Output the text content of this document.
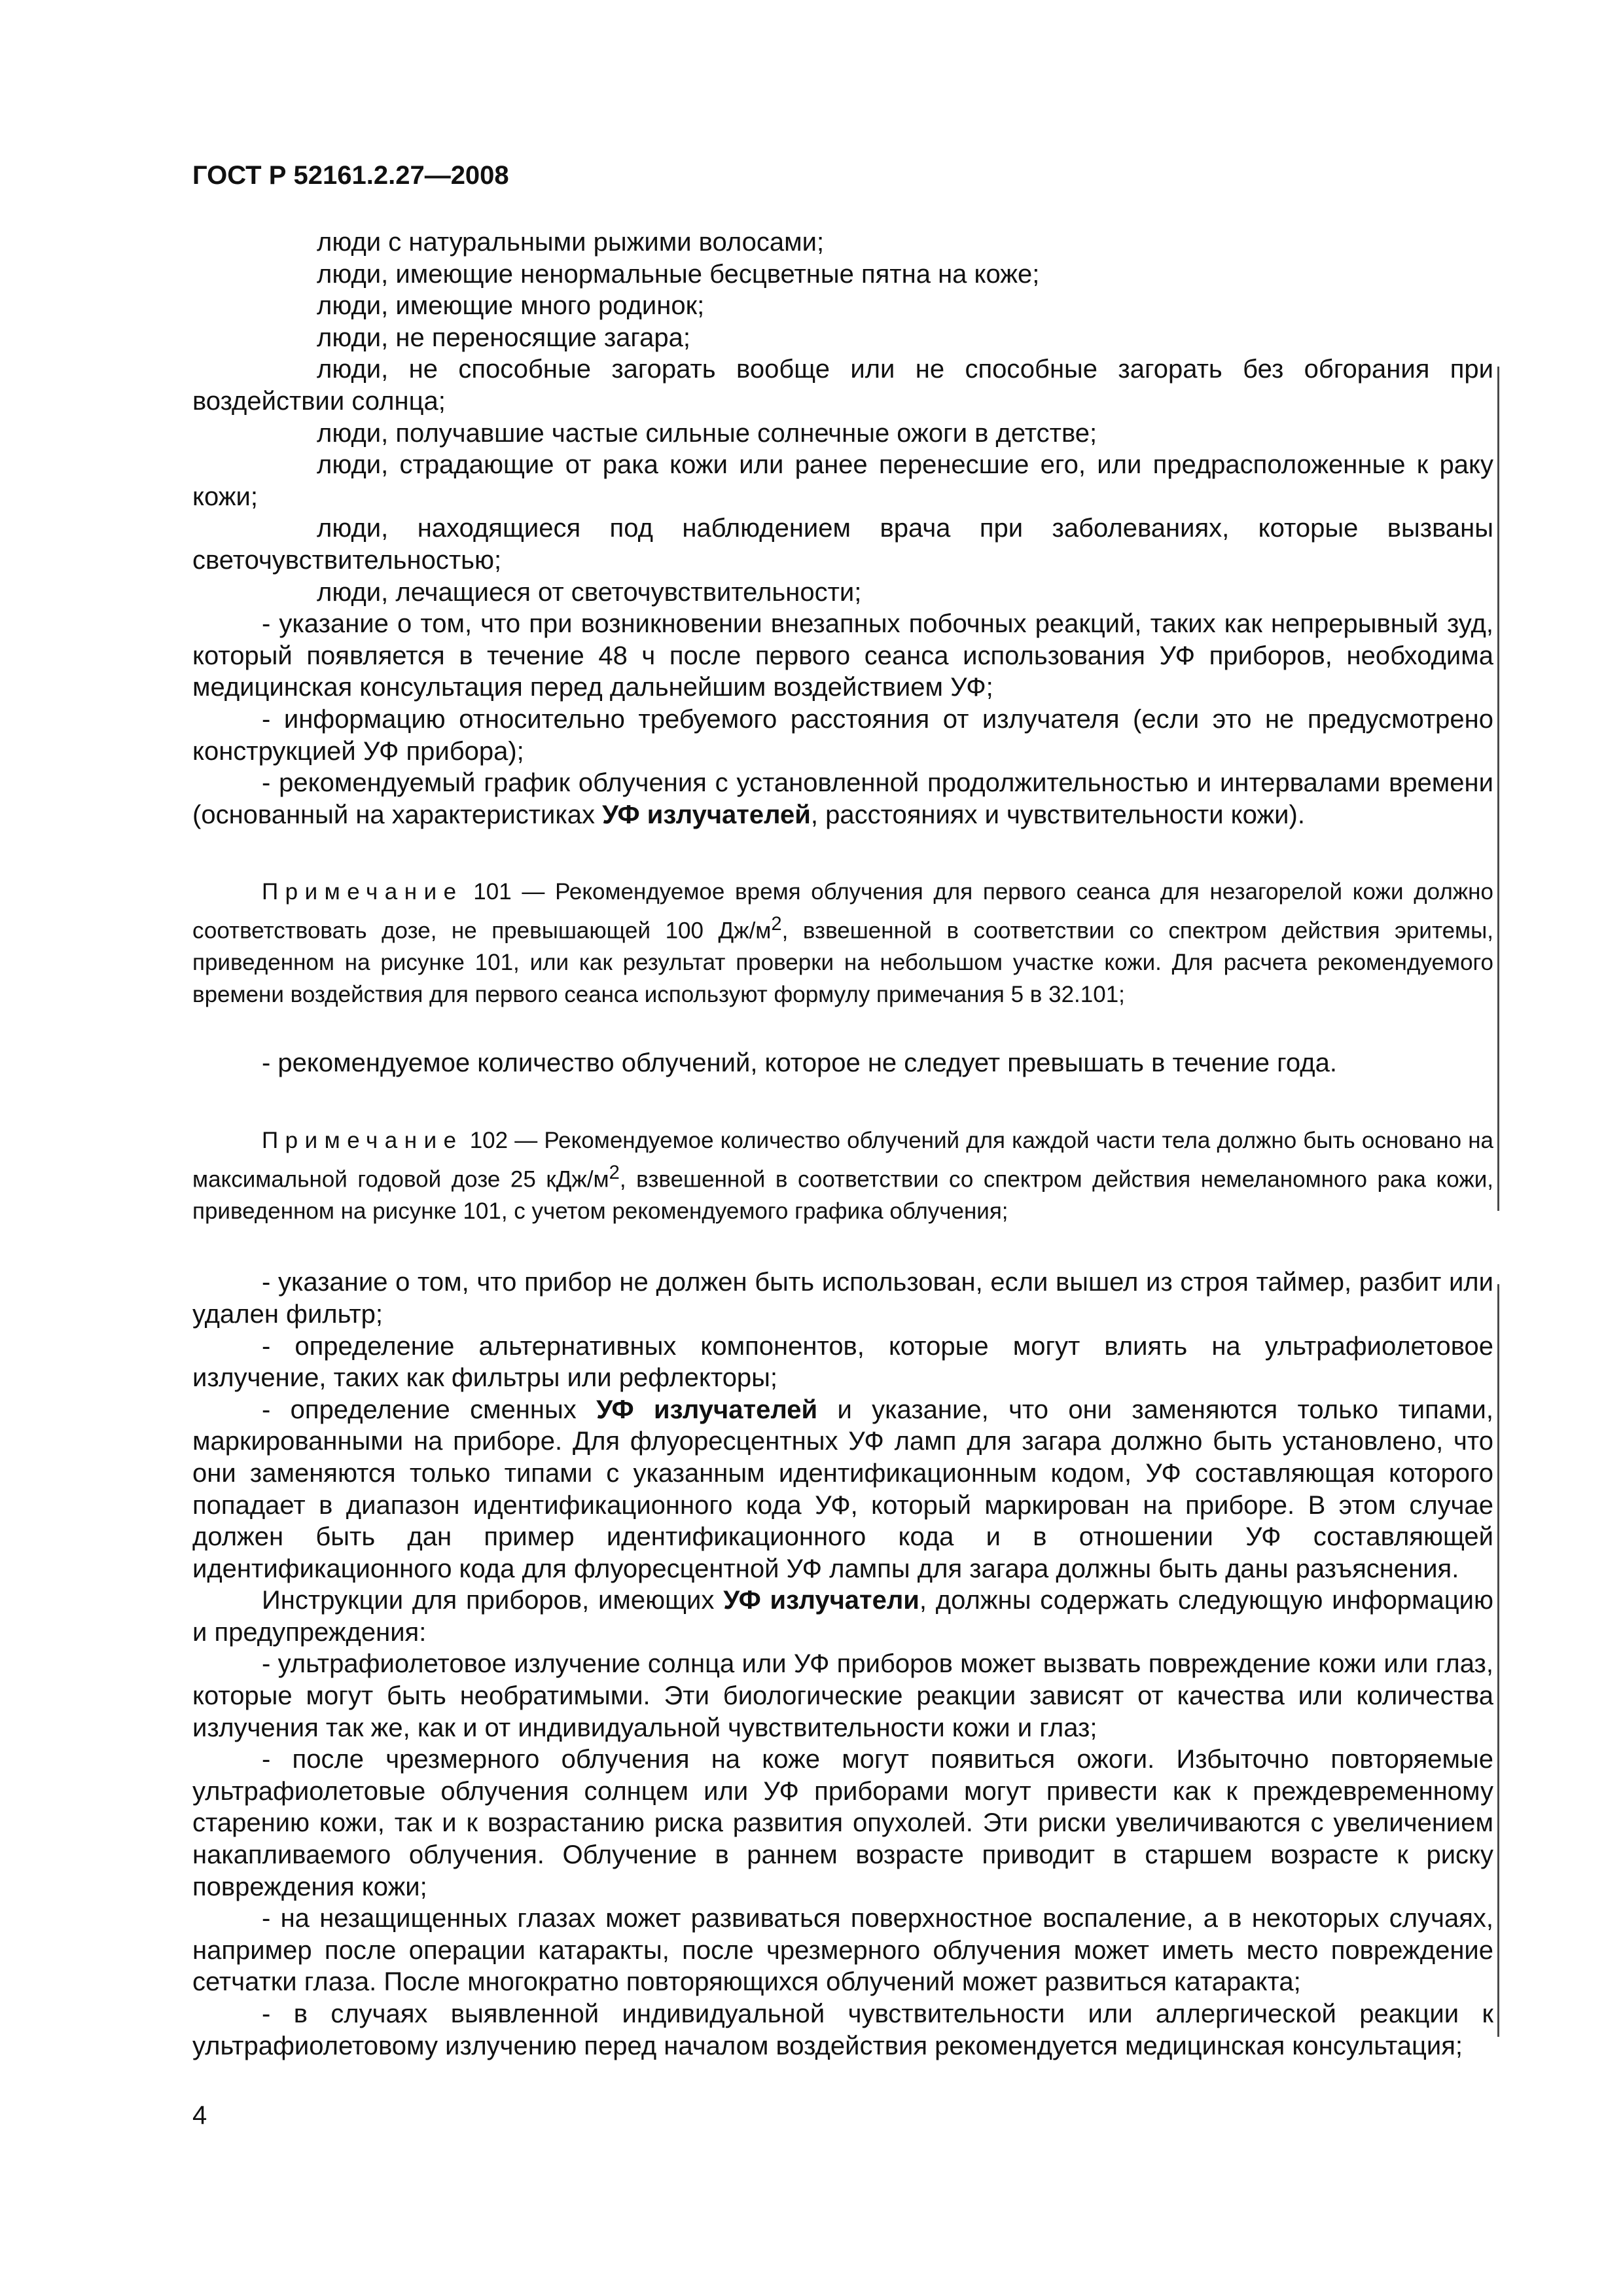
ГОСТ Р 52161.2.27—2008

люди с натуральными рыжими волосами;

люди, имеющие ненормальные бесцветные пятна на коже;

люди, имеющие много родинок;

люди, не переносящие загара;

люди, не способные загорать вообще или не способные загорать без обгорания при воздействии солнца;

люди, получавшие частые сильные солнечные ожоги в детстве;

люди, страдающие от рака кожи или ранее перенесшие его, или предрасположенные к раку кожи;

люди, находящиеся под наблюдением врача при заболеваниях, которые вызваны светочувствительностью;

люди, лечащиеся от светочувствительности;

- указание о том, что при возникновении внезапных побочных реакций, таких как непрерывный зуд, который появляется в течение 48 ч после первого сеанса использования УФ приборов, необходима медицинская консультация перед дальнейшим воздействием УФ;

- информацию относительно требуемого расстояния от излучателя (если это не предусмотрено конструкцией УФ прибора);

- рекомендуемый график облучения с установленной продолжительностью и интервалами времени (основанный на характеристиках УФ излучателей, расстояниях и чувствительности кожи).

Примечание 101 — Рекомендуемое время облучения для первого сеанса для незагорелой кожи должно соответствовать дозе, не превышающей 100 $Дж/м^2$, взвешенной в соответствии со спектром действия эритемы, приведенном на рисунке 101, или как результат проверки на небольшом участке кожи. Для расчета рекомендуемого времени воздействия для первого сеанса используют формулу примечания 5 в 32.101;

- рекомендуемое количество облучений, которое не следует превышать в течение года.

Примечание 102 — Рекомендуемое количество облучений для каждой части тела должно быть основано на максимальной годовой дозе 25 кДж/$м^2$, взвешенной в соответствии со спектром действия немеланомного рака кожи, приведенном на рисунке 101, с учетом рекомендуемого графика облучения;

- указание о том, что прибор не должен быть использован, если вышел из строя таймер, разбит или удален фильтр;

- определение альтернативных компонентов, которые могут влиять на ультрафиолетовое излучение, таких как фильтры или рефлекторы;

- определение сменных УФ излучателей и указание, что они заменяются только типами, маркированными на приборе. Для флуоресцентных УФ ламп для загара должно быть установлено, что они заменяются только типами с указанным идентификационным кодом, УФ составляющая которого попадает в диапазон идентификационного кода УФ, который маркирован на приборе. В этом случае должен быть дан пример идентификационного кода и в отношении УФ составляющей идентификационного кода для флуоресцентной УФ лампы для загара должны быть даны разъяснения.

Инструкции для приборов, имеющих УФ излучатели, должны содержать следующую информацию и предупреждения:

- ультрафиолетовое излучение солнца или УФ приборов может вызвать повреждение кожи или глаз, которые могут быть необратимыми. Эти биологические реакции зависят от качества или количества излучения так же, как и от индивидуальной чувствительности кожи и глаз;

- после чрезмерного облучения на коже могут появиться ожоги. Избыточно повторяемые ультрафиолетовые облучения солнцем или УФ приборами могут привести как к преждевременному старению кожи, так и к возрастанию риска развития опухолей. Эти риски увеличиваются с увеличением накапливаемого облучения. Облучение в раннем возрасте приводит в старшем возрасте к риску повреждения кожи;

- на незащищенных глазах может развиваться поверхностное воспаление, а в некоторых случаях, например после операции катаракты, после чрезмерного облучения может иметь место повреждение сетчатки глаза. После многократно повторяющихся облучений может развиться катаракта;

- в случаях выявленной индивидуальной чувствительности или аллергической реакции к ультрафиолетовому излучению перед началом воздействия рекомендуется медицинская консультация;

4
